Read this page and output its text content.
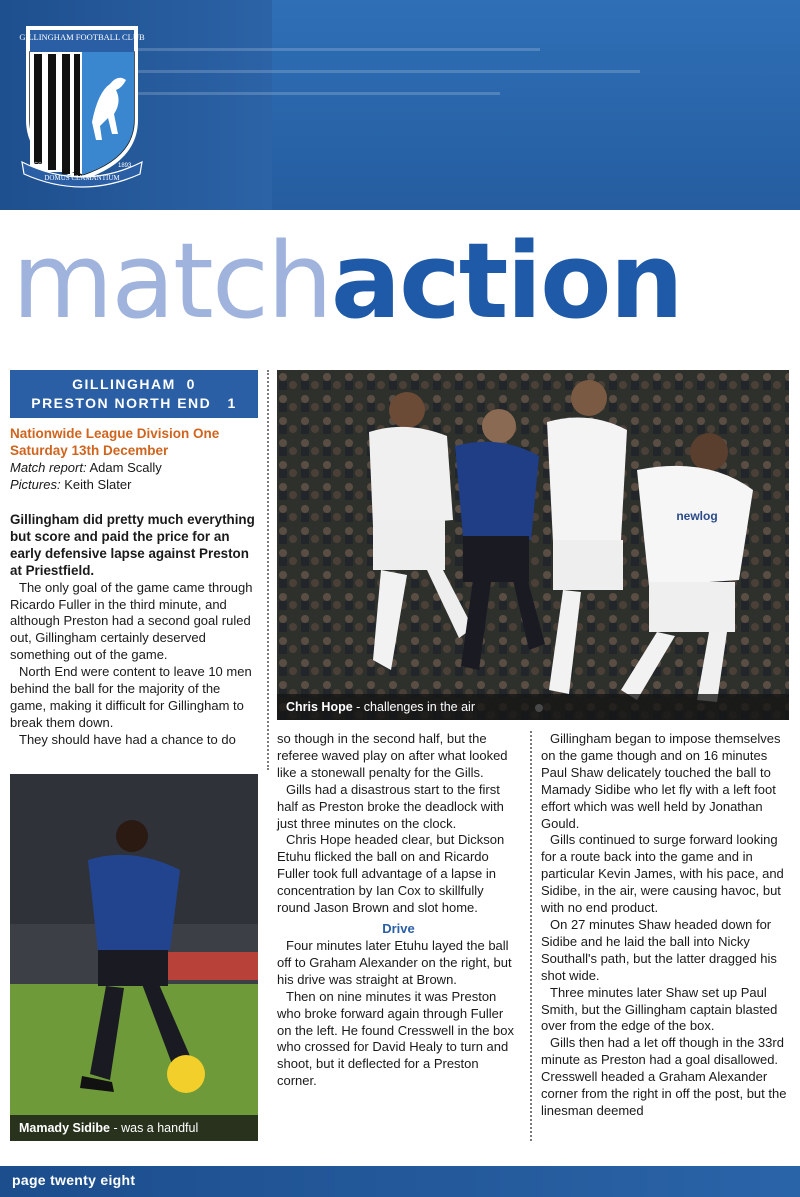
GILLINGHAM FOOTBALL CLUB
EST	1893
DOMUS CLAMANTIUM
matchaction
GILLINGHAM 0
PRESTON NORTH END 1
Nationwide League Division One
Saturday 13th December
Match report: Adam Scally
Pictures: Keith Slater

Gillingham did pretty much everything but score and paid the price for an early defensive lapse against Preston at Priestfield.

The only goal of the game came through Ricardo Fuller in the third minute, and although Preston had a second goal ruled out, Gillingham certainly deserved something out of the game.

North End were content to leave 10 men behind the ball for the majority of the game, making it difficult for Gillingham to break them down.

They should have had a chance to do

newlog
Chris Hope - challenges in the air

so though in the second half, but the referee waved play on after what looked like a stonewall penalty for the Gills.

Gills had a disastrous start to the first half as Preston broke the deadlock with just three minutes on the clock.

Chris Hope headed clear, but Dickson Etuhu flicked the ball on and Ricardo Fuller took full advantage of a lapse in concentration by Ian Cox to skillfully round Jason Brown and slot home.

Drive

Four minutes later Etuhu layed the ball off to Graham Alexander on the right, but his drive was straight at Brown.

Then on nine minutes it was Preston who broke forward again through Fuller on the left. He found Cresswell in the box who crossed for David Healy to turn and shoot, but it deflected for a Preston corner.

Gillingham began to impose themselves on the game though and on 16 minutes Paul Shaw delicately touched the ball to Mamady Sidibe who let fly with a left foot effort which was well held by Jonathan Gould.

Gills continued to surge forward looking for a route back into the game and in particular Kevin James, with his pace, and Sidibe, in the air, were causing havoc, but with no end product.

On 27 minutes Shaw headed down for Sidibe and he laid the ball into Nicky Southall's path, but the latter dragged his shot wide.

Three minutes later Shaw set up Paul Smith, but the Gillingham captain blasted over from the edge of the box.

Gills then had a let off though in the 33rd minute as Preston had a goal disallowed. Cresswell headed a Graham Alexander corner from the right in off the post, but the linesman deemed

Mamady Sidibe - was a handful
page twenty eight
